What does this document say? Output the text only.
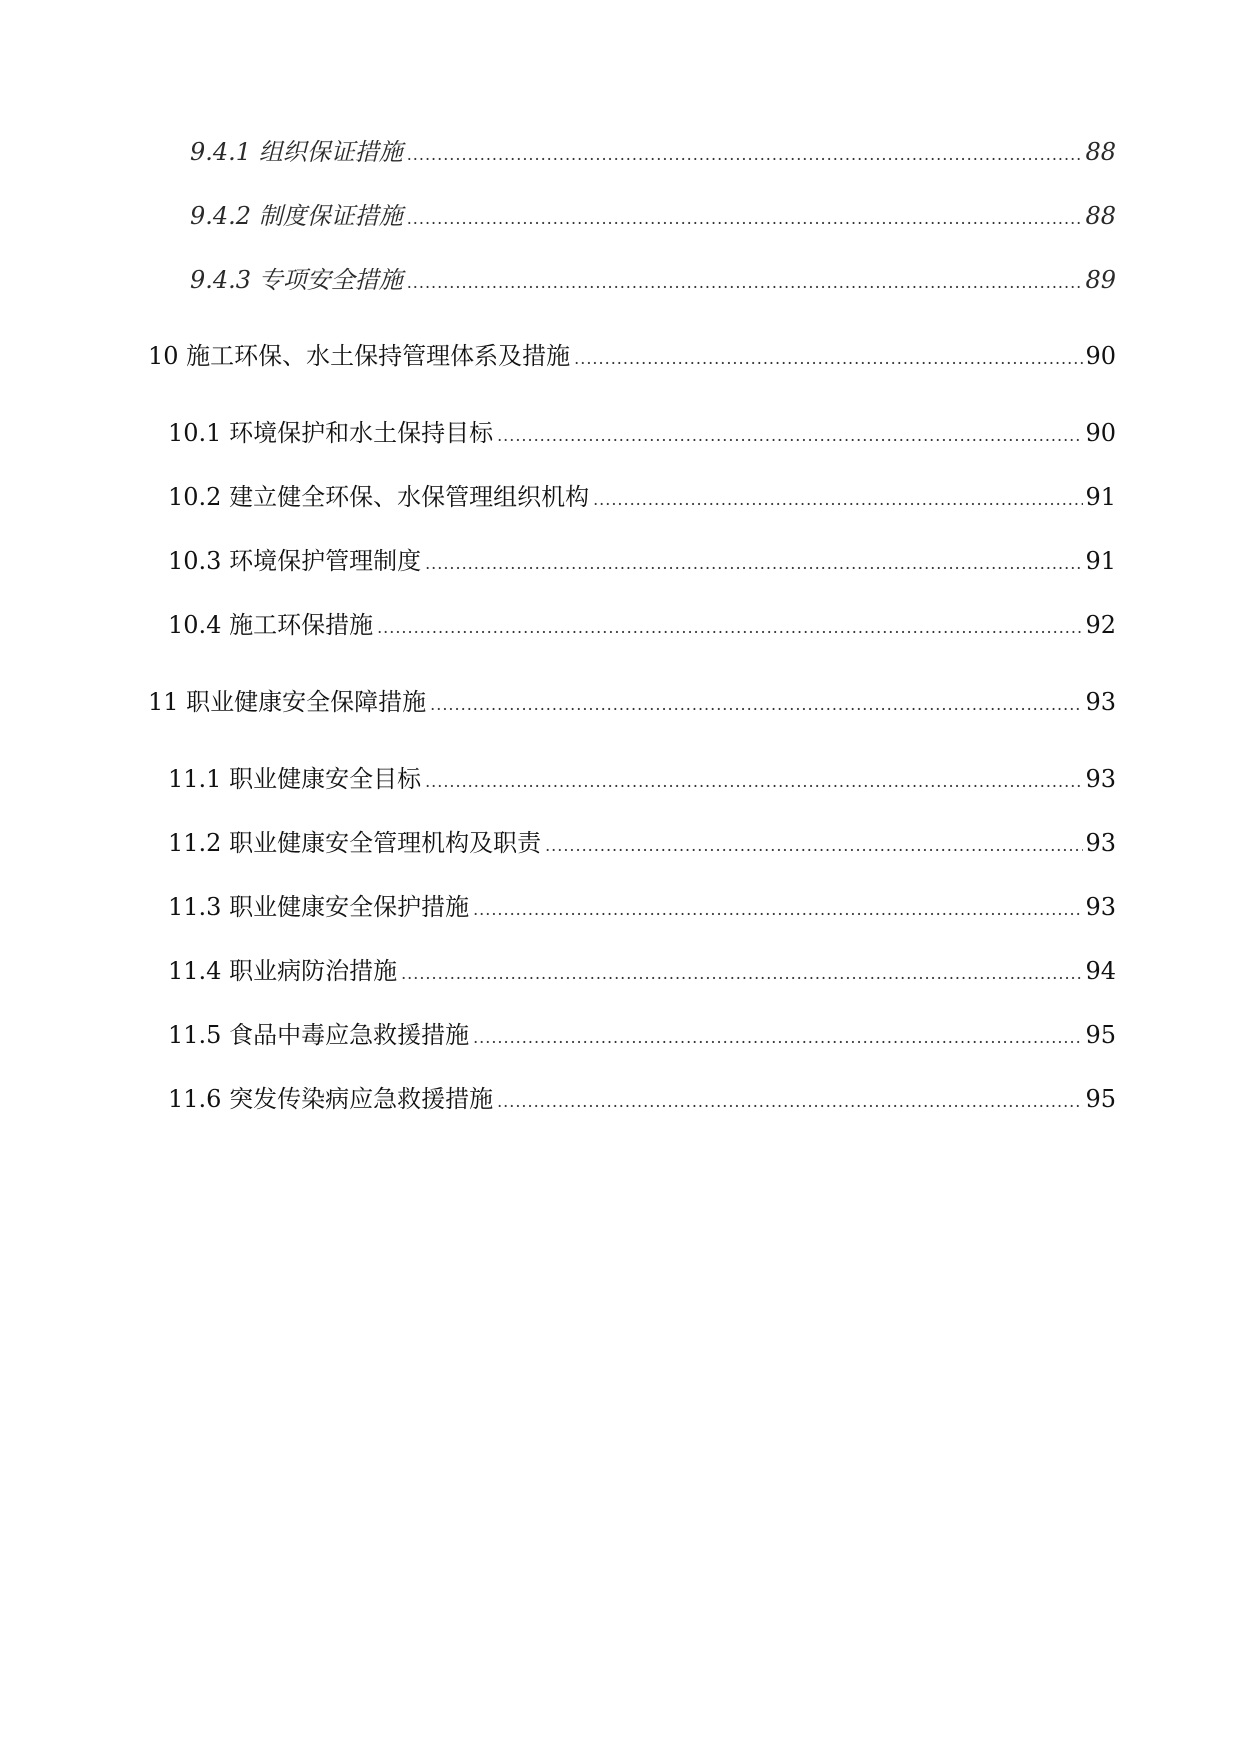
9.4.1 组织保证措施 .....	88
9.4.2 制度保证措施 .....	88
9.4.3 专项安全措施 .....	89
10 施工环保、水土保持管理体系及措施 .....	90
10.1 环境保护和水土保持目标 .....	90
10.2 建立健全环保、水保管理组织机构 .....	91
10.3 环境保护管理制度 .....	91
10.4 施工环保措施 .....	92
11 职业健康安全保障措施 .....	93
11.1 职业健康安全目标 .....	93
11.2 职业健康安全管理机构及职责 .....	93
11.3 职业健康安全保护措施 .....	93
11.4 职业病防治措施 .....	94
11.5 食品中毒应急救援措施 .....	95
11.6 突发传染病应急救援措施 .....	95
